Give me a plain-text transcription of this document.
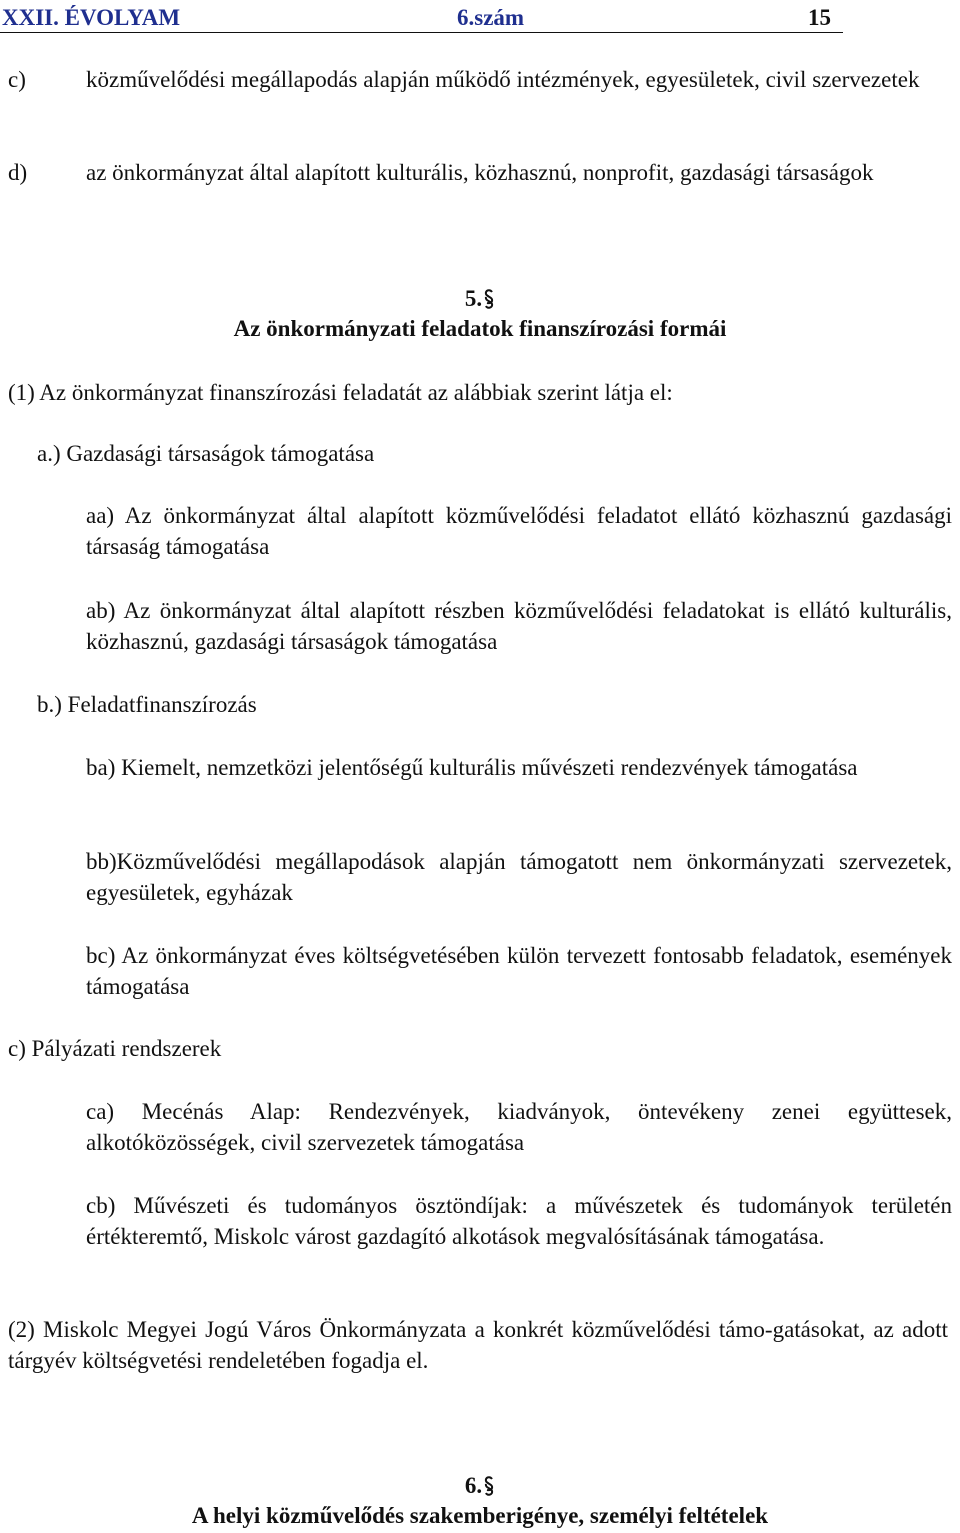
XXII. ÉVOLYAM	6.szám	15
c)	közművelődési megállapodás alapján működő intézmények, egyesületek, civil szervezetek
d)	az önkormányzat által alapított kulturális, közhasznú, nonprofit, gazdasági társaságok
5.
Az önkormányzati feladatok finanszírozási formái
(1) Az önkormányzat finanszírozási feladatát az alábbiak szerint látja el:
a.) Gazdasági társaságok támogatása
aa) Az önkormányzat által alapított közművelődési feladatot ellátó közhasznú gazdasági társaság támogatása
ab) Az önkormányzat által alapított részben közművelődési feladatokat is ellátó kulturális, közhasznú, gazdasági társaságok támogatása
b.) Feladatfinanszírozás
ba) Kiemelt, nemzetközi jelentőségű kulturális művészeti rendezvények támogatása
bb)Közművelődési megállapodások alapján támogatott nem önkormányzati szervezetek, egyesületek, egyházak
bc) Az önkormányzat éves költségvetésében külön tervezett fontosabb feladatok, események támogatása
c) Pályázati rendszerek
ca) Mecénás Alap: Rendezvények, kiadványok, öntevékeny zenei együttesek, alkotóközösségek, civil szervezetek támogatása
cb) Művészeti és tudományos ösztöndíjak: a művészetek és tudományok területén értékteremtő, Miskolc várost gazdagító alkotások megvalósításának támogatása.
(2) Miskolc Megyei Jogú Város Önkormányzata a konkrét közművelődési támo-gatásokat, az adott tárgyév költségvetési rendeletében fogadja el.
6.
A helyi közművelődés szakemberigénye, személyi feltételek
